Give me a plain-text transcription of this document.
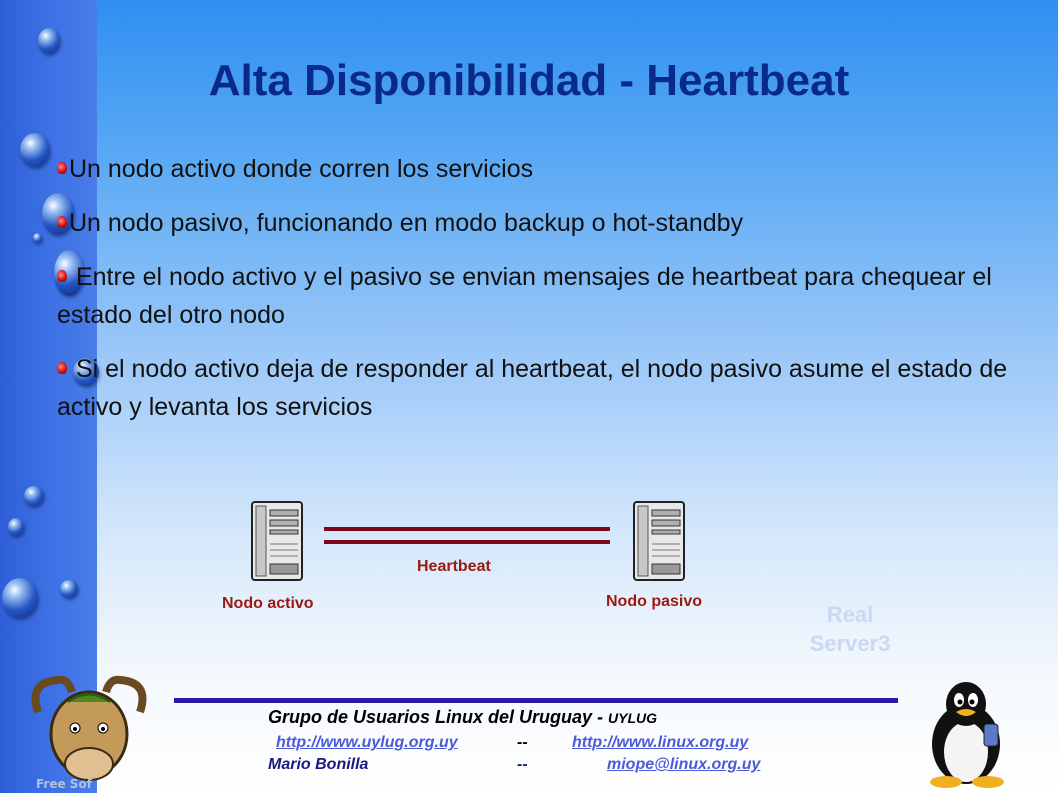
Alta Disponibilidad - Heartbeat
Un nodo activo donde corren los servicios
Un nodo pasivo, funcionando en modo backup o hot-standby
Entre el nodo activo y el pasivo se envian mensajes de heartbeat para chequear el estado del otro nodo
Si el nodo activo deja de responder al heartbeat, el nodo pasivo asume el estado de activo y levanta los servicios
Heartbeat
Nodo activo	Nodo pasivo
Real
Server3
Grupo de Usuarios Linux del Uruguay - UYLUG
http://www.uylug.org.uy	--	http://www.linux.org.uy
Mario Bonilla	--	miope@linux.org.uy
Free Sof
